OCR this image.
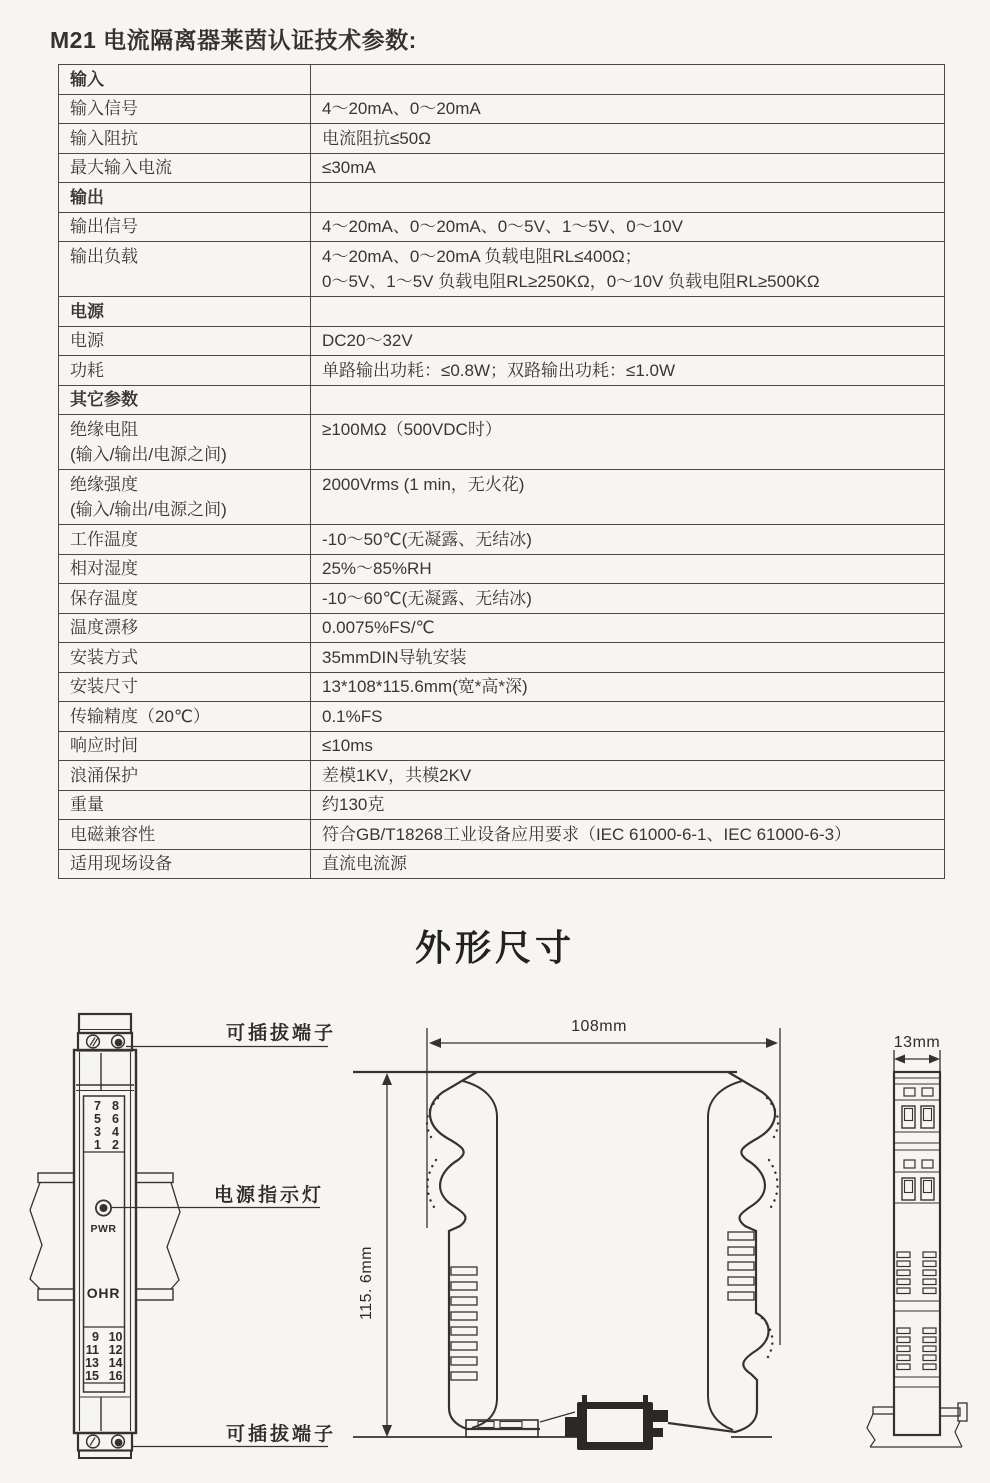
M21 电流隔离器莱茵认证技术参数:
输入	
输入信号	4～20mA、0～20mA
输入阻抗	电流阻抗≤50Ω
最大输入电流	≤30mA
输出	
输出信号	4～20mA、0～20mA、0～5V、1～5V、0～10V
输出负载	4～20mA、0～20mA 负载电阻RL≤400Ω；
0～5V、1～5V 负载电阻RL≥250KΩ，0～10V 负载电阻RL≥500KΩ
电源	
电源	DC20～32V
功耗	单路输出功耗：≤0.8W；双路输出功耗：≤1.0W
其它参数	
绝缘电阻
(输入/输出/电源之间)	≥100MΩ（500VDC时）
绝缘强度
(输入/输出/电源之间)	2000Vrms (1 min，无火花)
工作温度	-10～50℃(无凝露、无结冰)
相对湿度	25%～85%RH
保存温度	-10～60℃(无凝露、无结冰)
温度漂移	0.0075%FS/℃
安装方式	35mmDIN导轨安装
安装尺寸	13*108*115.6mm(宽*高*深)
传输精度（20℃）	0.1%FS
响应时间	≤10ms
浪涌保护	差模1KV，共模2KV
重量	约130克
电磁兼容性	符合GB/T18268工业设备应用要求（IEC 61000-6-1、IEC 61000-6-3）
适用现场设备	直流电流源
外形尺寸
7 8
5 6
3 4
1 2
PWR
OHR
9 10
11 12
13 14
15 16
可插拔端子
电源指示灯
可插拔端子
108mm
115. 6mm
13mm
